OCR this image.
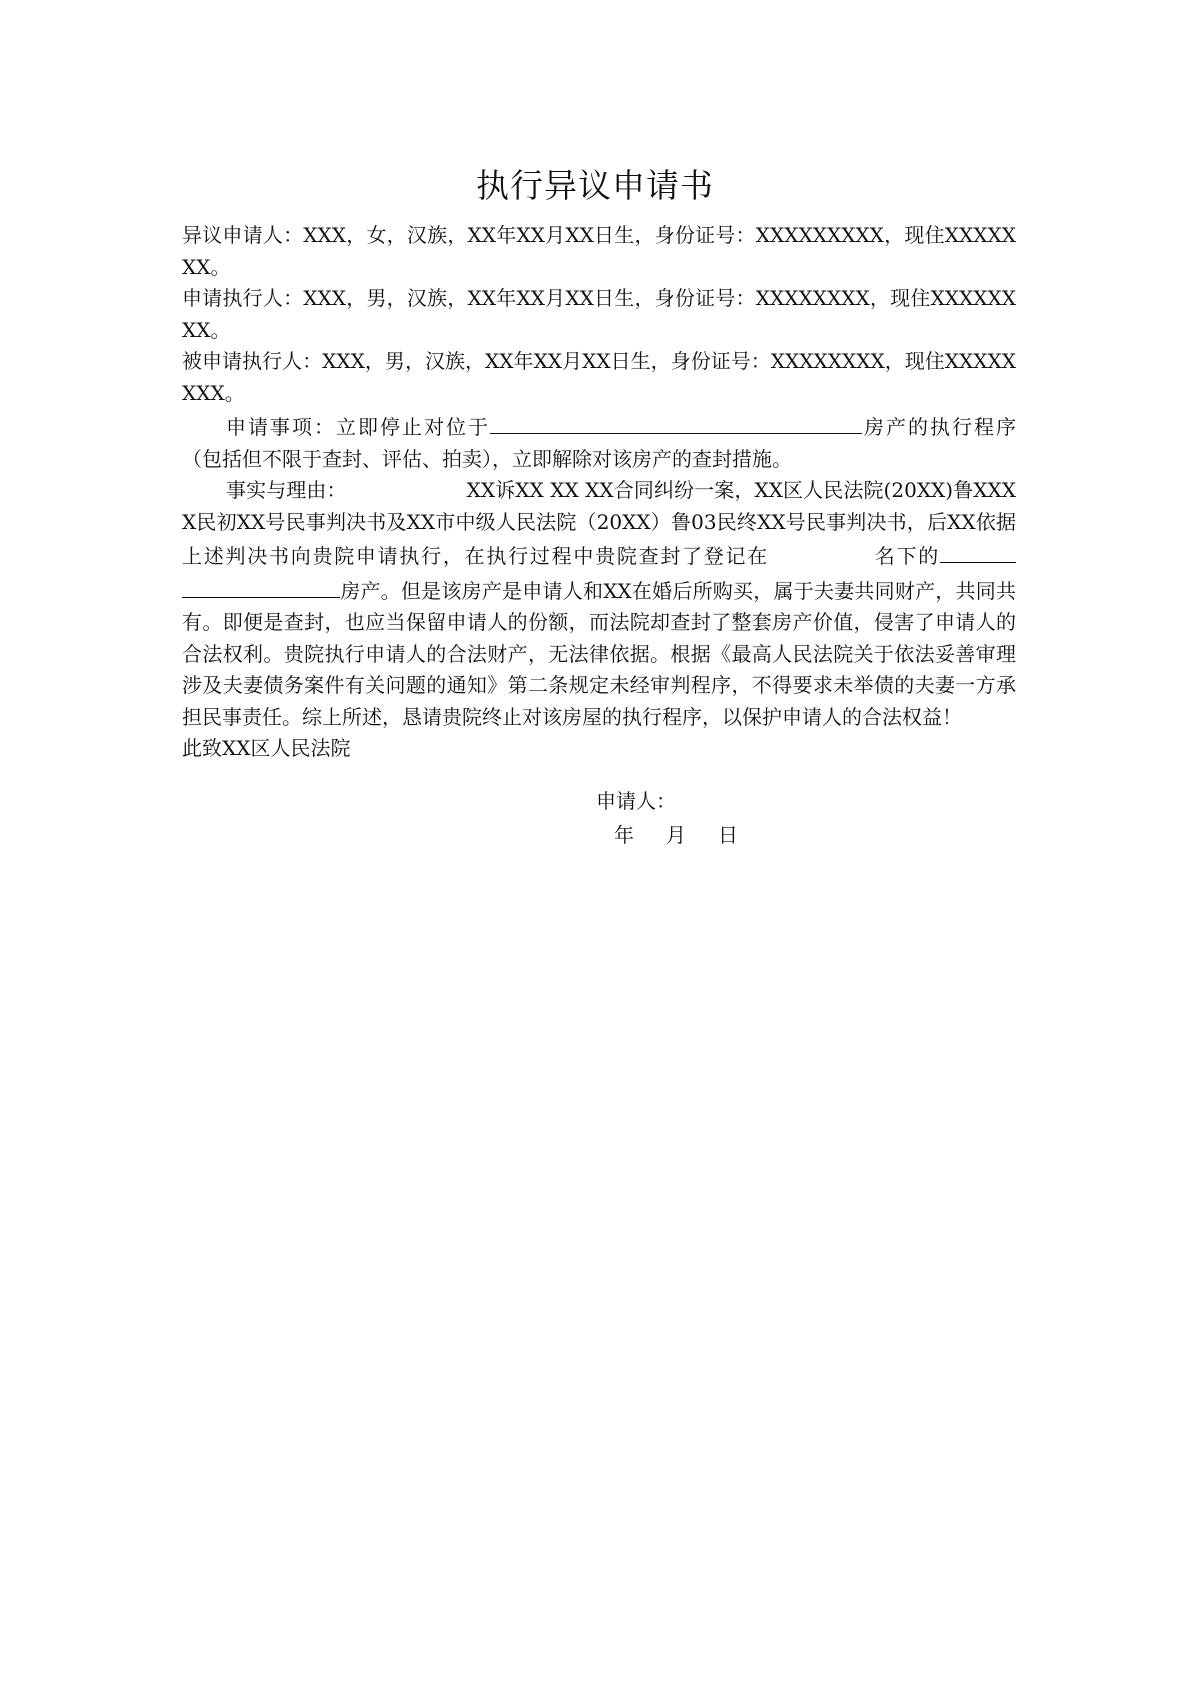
执行异议申请书

异议申请人：XXX，女，汉族，XX年XX月XX日生，身份证号：XXXXXXXXX，现住XXXXXXX。

申请执行人：XXX，男，汉族，XX年XX月XX日生，身份证号：XXXXXXXX，现住XXXXXXXX。

被申请执行人：XXX，男，汉族，XX年XX月XX日生，身份证号：XXXXXXXX，现住XXXXXXXX。

申请事项：立即停止对位于	房产的执行程序（包括但不限于查封、评估、拍卖），立即解除对该房产的查封措施。

事实与理由：	XX诉XX XX XX合同纠纷一案，XX区人民法院(20XX)鲁XXXX民初XX号民事判决书及XX市中级人民法院（20XX）鲁03民终XX号民事判决书，后XX依据上述判决书向贵院申请执行，在执行过程中贵院查封了登记在	名下的房产。但是该房产是申请人和XX在婚后所购买，属于夫妻共同财产，共同共有。即便是查封，也应当保留申请人的份额，而法院却查封了整套房产价值，侵害了申请人的合法权利。贵院执行申请人的合法财产，无法律依据。根据《最高人民法院关于依法妥善审理涉及夫妻债务案件有关问题的通知》第二条规定未经审判程序，不得要求未举债的夫妻一方承担民事责任。综上所述，恳请贵院终止对该房屋的执行程序，以保护申请人的合法权益！

此致XX区人民法院

申请人：
年 月 日
